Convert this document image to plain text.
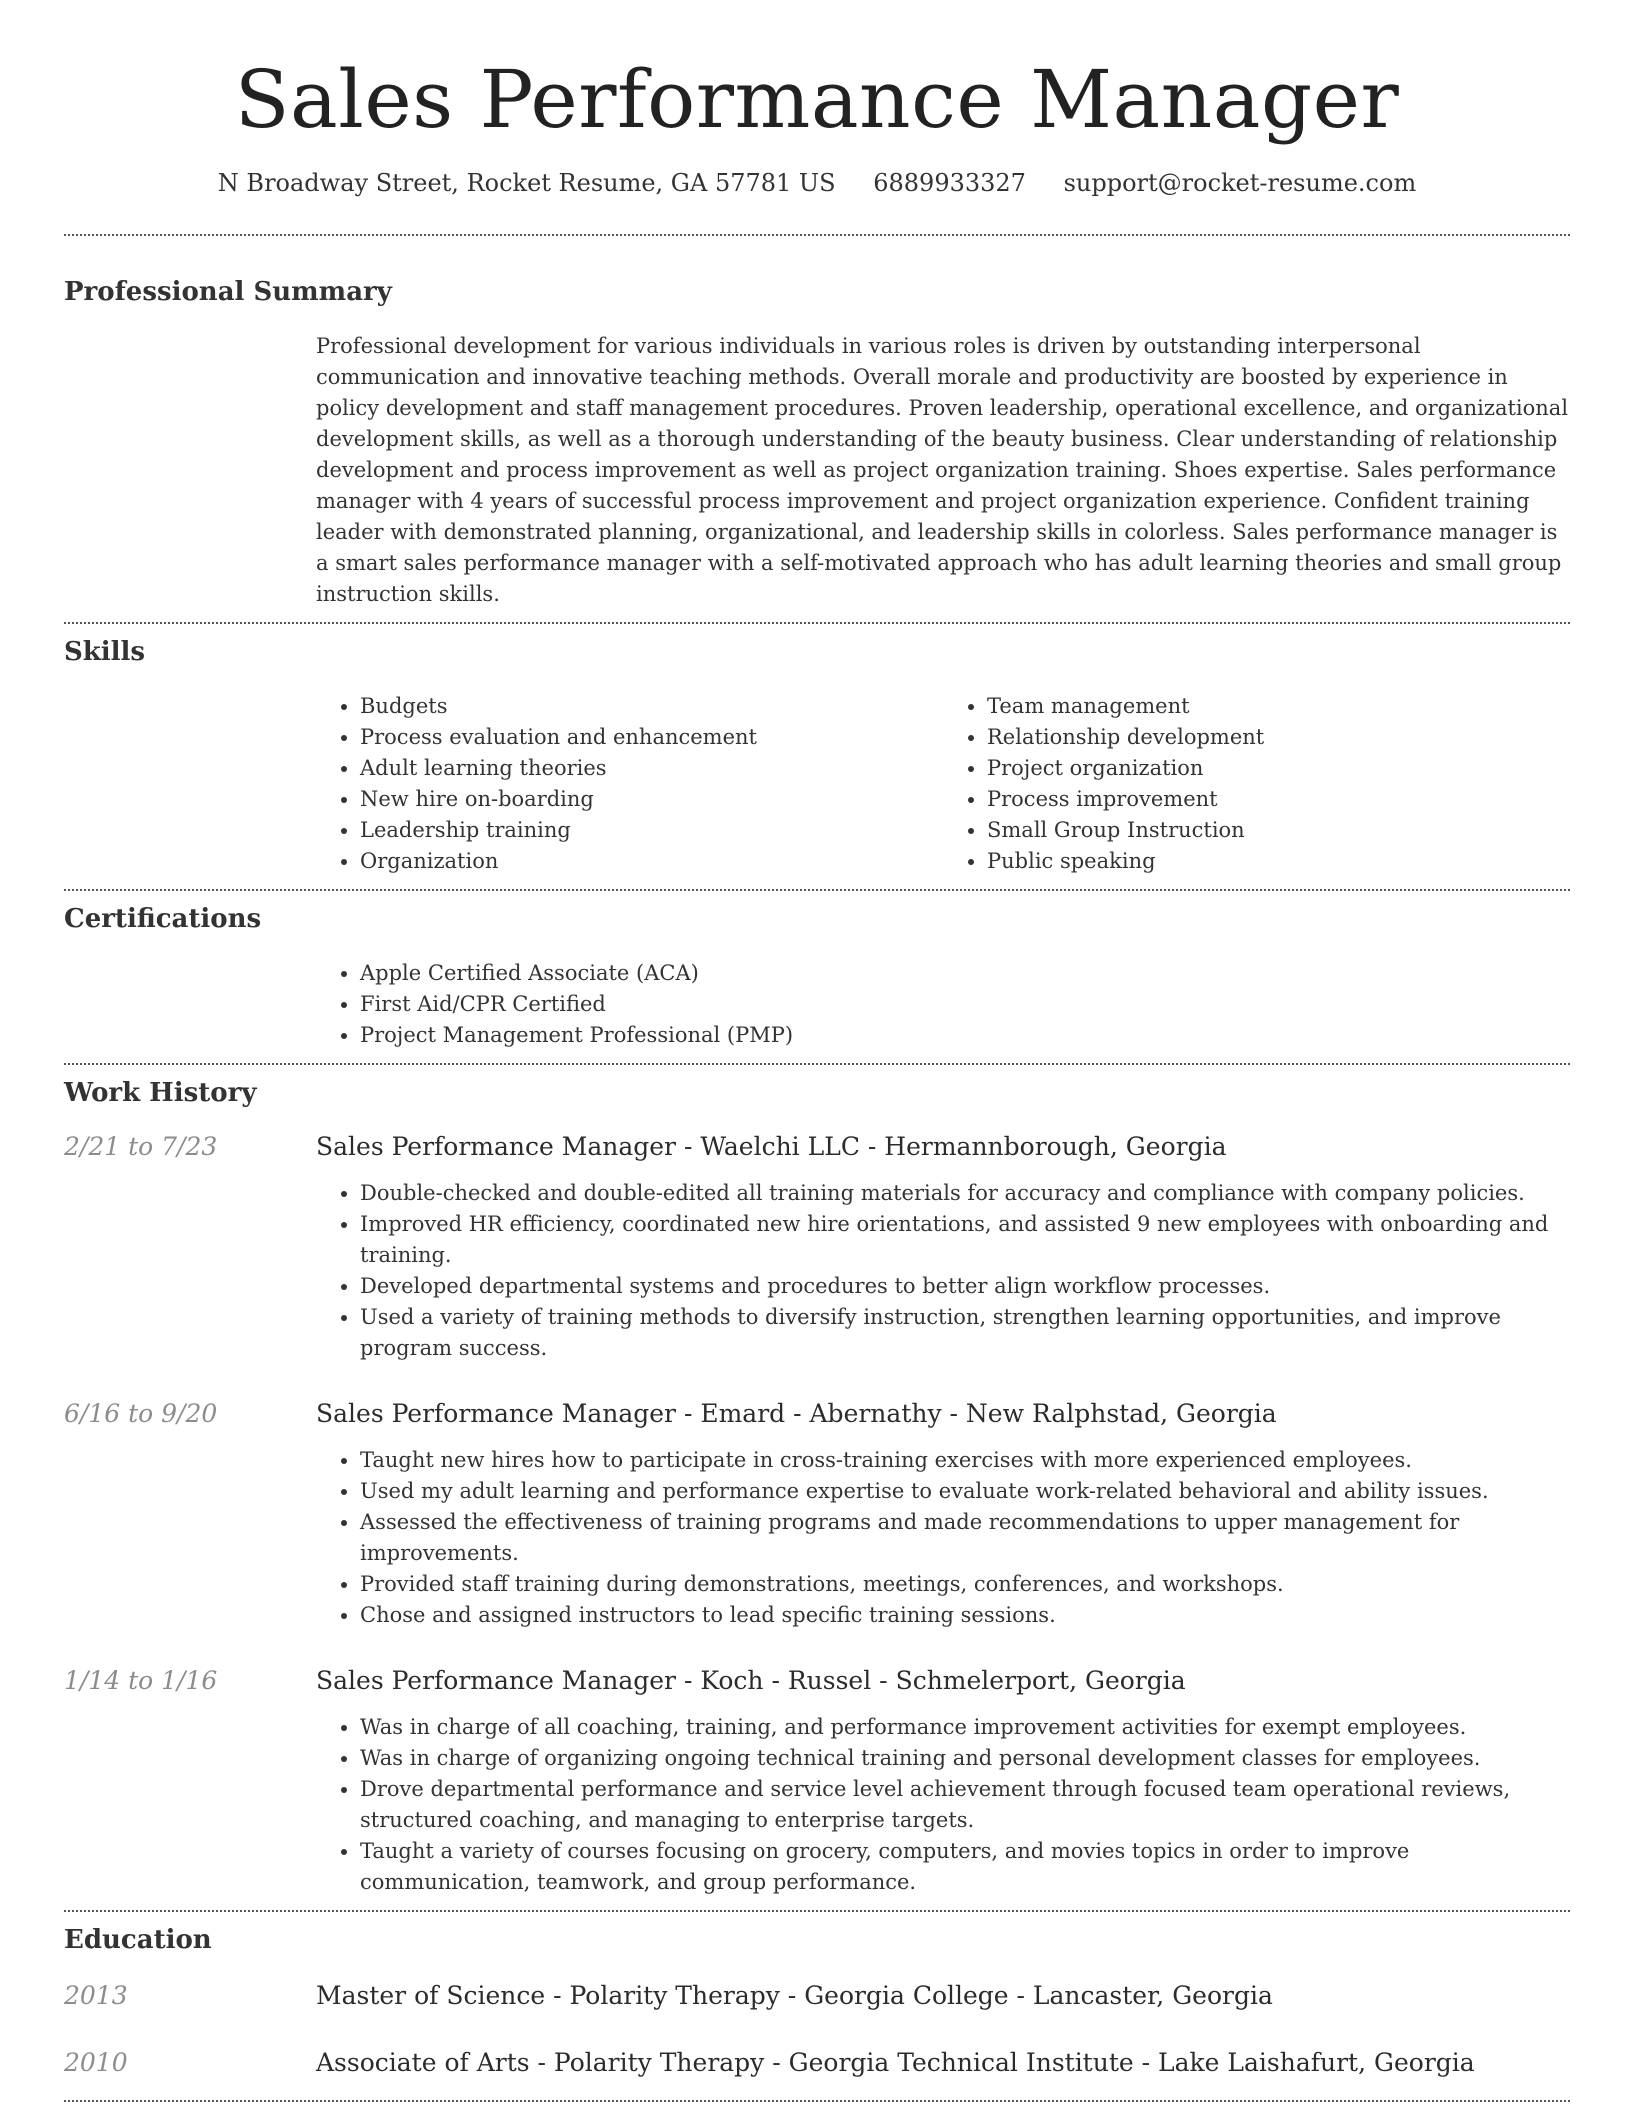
Sales Performance Manager
N Broadway Street, Rocket Resume, GA 57781 US 6889933327 support@rocket-resume.com
Professional Summary
Professional development for various individuals in various roles is driven by outstanding interpersonal communication and innovative teaching methods. Overall morale and productivity are boosted by experience in policy development and staff management procedures. Proven leadership, operational excellence, and organizational development skills, as well as a thorough understanding of the beauty business. Clear understanding of relationship development and process improvement as well as project organization training. Shoes expertise. Sales performance manager with 4 years of successful process improvement and project organization experience. Confident training leader with demonstrated planning, organizational, and leadership skills in colorless. Sales performance manager is a smart sales performance manager with a self-motivated approach who has adult learning theories and small group instruction skills.
Skills
• Budgets
• Process evaluation and enhancement
• Adult learning theories
• New hire on-boarding
• Leadership training
• Organization
• Team management
• Relationship development
• Project organization
• Process improvement
• Small Group Instruction
• Public speaking
Certifications
• Apple Certified Associate (ACA)
• First Aid/CPR Certified
• Project Management Professional (PMP)
Work History
2/21 to 7/23	Sales Performance Manager - Waelchi LLC - Hermannborough, Georgia
• Double-checked and double-edited all training materials for accuracy and compliance with company policies.
• Improved HR efficiency, coordinated new hire orientations, and assisted 9 new employees with onboarding and training.
• Developed departmental systems and procedures to better align workflow processes.
• Used a variety of training methods to diversify instruction, strengthen learning opportunities, and improve program success.
6/16 to 9/20	Sales Performance Manager - Emard - Abernathy - New Ralphstad, Georgia
• Taught new hires how to participate in cross-training exercises with more experienced employees.
• Used my adult learning and performance expertise to evaluate work-related behavioral and ability issues.
• Assessed the effectiveness of training programs and made recommendations to upper management for improvements.
• Provided staff training during demonstrations, meetings, conferences, and workshops.
• Chose and assigned instructors to lead specific training sessions.
1/14 to 1/16	Sales Performance Manager - Koch - Russel - Schmelerport, Georgia
• Was in charge of all coaching, training, and performance improvement activities for exempt employees.
• Was in charge of organizing ongoing technical training and personal development classes for employees.
• Drove departmental performance and service level achievement through focused team operational reviews, structured coaching, and managing to enterprise targets.
• Taught a variety of courses focusing on grocery, computers, and movies topics in order to improve communication, teamwork, and group performance.
Education
2013	Master of Science - Polarity Therapy - Georgia College - Lancaster, Georgia
2010	Associate of Arts - Polarity Therapy - Georgia Technical Institute - Lake Laishafurt, Georgia
